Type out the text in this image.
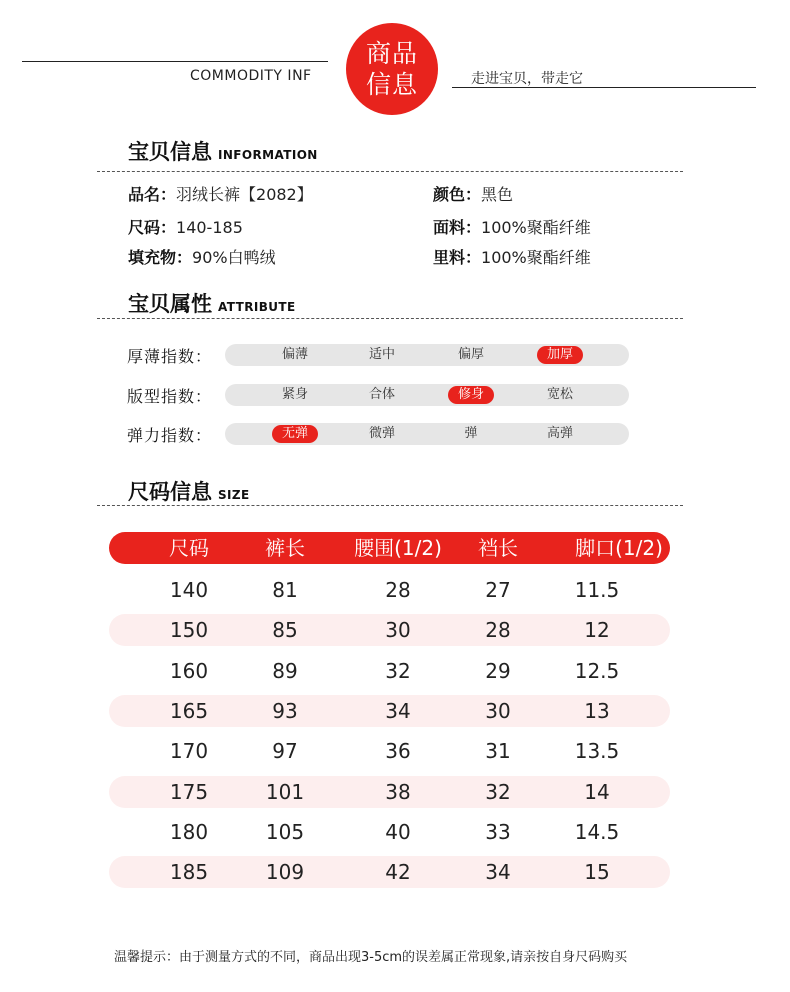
COMMODITY INF
商品
信息	走进宝贝，带走它
宝贝信息 INFORMATION
品名：羽绒长裤【2082】	颜色：黑色
尺码：140-185	面料：100%聚酯纤维
填充物：90%白鸭绒	里料：100%聚酯纤维
宝贝属性 ATTRIBUTE
厚薄指数：	偏薄	适中	偏厚	加厚
版型指数：	紧身	合体	修身	宽松
弹力指数：	无弹	微弹	弹	高弹
尺码信息 SIZE
尺码	裤长 腰围(1/2) 裆长	脚口(1/2)
140	81	28	27	11.5
150	85	30	28	12
160	89	32	29	12.5
165	93	34	30	13
170	97	36	31	13.5
175	101	38	32	14
180	105	40	33	14.5
185	109	42	34	15
温馨提示：由于测量方式的不同，商品出现3-5cm的误差属正常现象,请亲按自身尺码购买
